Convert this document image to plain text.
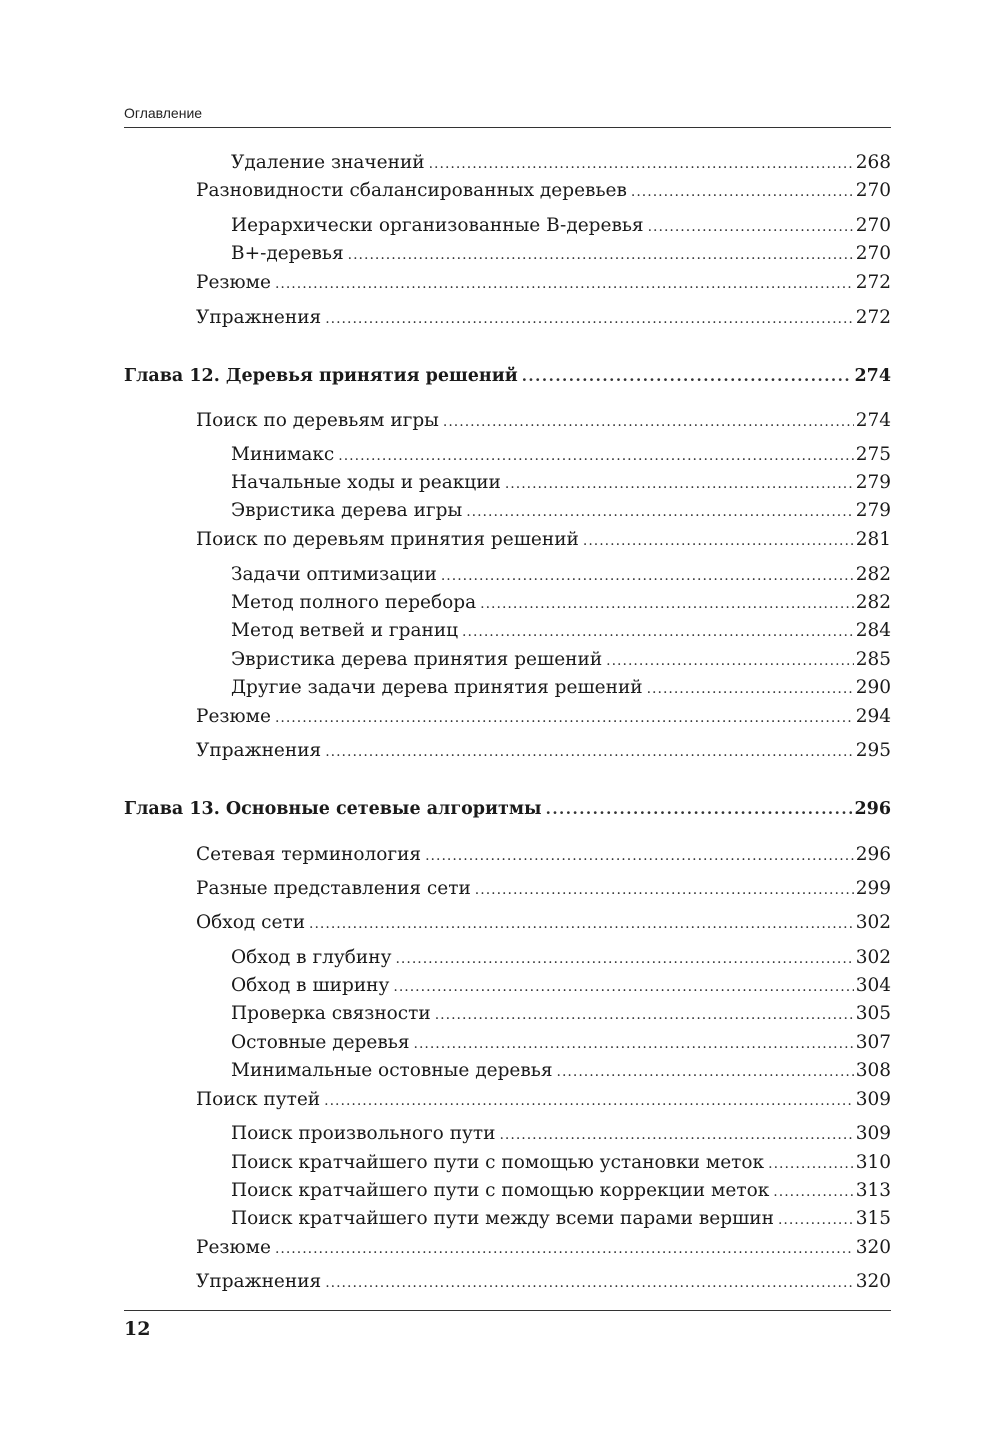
Оглавление
Удаление значений .....	268
Разновидности сбалансированных деревьев .....	270
Иерархически организованные B-деревья .....	270
B+-деревья .....	270
Резюме .....	272
Упражнения .....	272
Глава 12. Деревья принятия решений .....	274
Поиск по деревьям игры .....	274
Минимакс .....	275
Начальные ходы и реакции .....	279
Эвристика дерева игры .....	279
Поиск по деревьям принятия решений .....	281
Задачи оптимизации .....	282
Метод полного перебора .....	282
Метод ветвей и границ .....	284
Эвристика дерева принятия решений .....	285
Другие задачи дерева принятия решений .....	290
Резюме .....	294
Упражнения .....	295
Глава 13. Основные сетевые алгоритмы .....	296
Сетевая терминология .....	296
Разные представления сети .....	299
Обход сети .....	302
Обход в глубину .....	302
Обход в ширину .....	304
Проверка связности .....	305
Остовные деревья .....	307
Минимальные остовные деревья .....	308
Поиск путей .....	309
Поиск произвольного пути .....	309
Поиск кратчайшего пути с помощью установки меток .....	310
Поиск кратчайшего пути с помощью коррекции меток .....	313
Поиск кратчайшего пути между всеми парами вершин .....	315
Резюме .....	320
Упражнения .....	320
12
